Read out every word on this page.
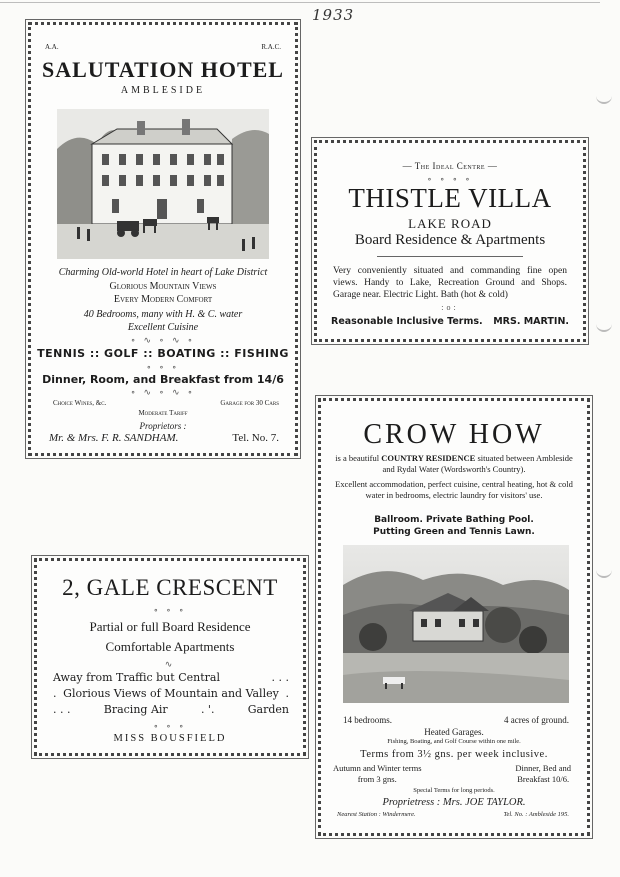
1933
A.A.	R.A.C.
SALUTATION HOTEL
AMBLESIDE
Charming Old-world Hotel in heart of Lake District
Glorious Mountain Views
Every Modern Comfort
40 Bedrooms, many with H. & C. water
Excellent Cuisine
∘ ∿ ∘ ∿ ∘
TENNIS :: GOLF :: BOATING :: FISHING
∘ ∘ ∘
Dinner, Room, and Breakfast from 14/6
∘ ∿ ∘ ∿ ∘
Choice Wines, &c.	Garage for 30 Cars
Moderate Tariff
Proprietors :
Mr. & Mrs. F. R. SANDHAM.	Tel. No. 7.
— The Ideal Centre —
∘ ∘ ∘ ∘
THISTLE VILLA
LAKE ROAD
Board Residence & Apartments
Very conveniently situated and commanding fine open views. Handy to Lake, Recreation Ground and Shops. Garage near. Electric Light. Bath (hot & cold)
:o:
Reasonable Inclusive Terms. MRS. MARTIN.
CROW HOW
is a beautiful COUNTRY RESIDENCE situated between Ambleside and Rydal Water (Wordsworth's Country).
Excellent accommodation, perfect cuisine, central heating, hot & cold water in bedrooms, electric laundry for visitors' use.
Ballroom. Private Bathing Pool.
Putting Green and Tennis Lawn.
14 bedrooms.	4 acres of ground.
Heated Garages.
Fishing, Boating, and Golf Course within one mile.
Terms from 3½ gns. per week inclusive.
Autumn and Winter terms
from 3 gns.
Dinner, Bed and
Breakfast 10/6.
Special Terms for long periods.
Proprietress : Mrs. JOE TAYLOR.
Nearest Station : Windermere.	Tel. No. : Ambleside 195.
2, GALE CRESCENT
∘ ∘ ∘
Partial or full Board Residence
Comfortable Apartments
∿
Away from Traffic but Central	. . .
. Glorious Views of Mountain and Valley .
. . .	Bracing Air	. '.	Garden
∘ ∘ ∘
MISS BOUSFIELD
